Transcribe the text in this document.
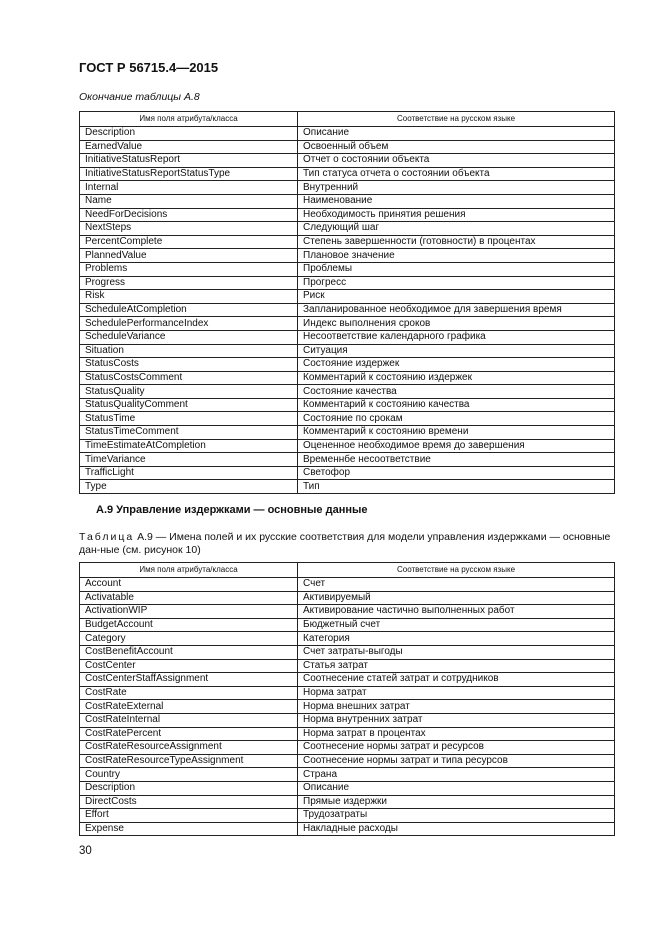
ГОСТ Р 56715.4—2015
Окончание таблицы А.8
Имя поля атрибута/класса	Соответствие на русском языке
Description	Описание
EarnedValue	Освоенный объем
InitiativeStatusReport	Отчет о состоянии объекта
InitiativeStatusReportStatusType	Тип статуса отчета о состоянии объекта
Internal	Внутренний
Name	Наименование
NeedForDecisions	Необходимость принятия решения
NextSteps	Следующий шаг
PercentComplete	Степень завершенности (готовности) в процентах
PlannedValue	Плановое значение
Problems	Проблемы
Progress	Прогресс
Risk	Риск
ScheduleAtCompletion	Запланированное необходимое для завершения время
SchedulePerformanceIndex	Индекс выполнения сроков
ScheduleVariance	Несоответствие календарного графика
Situation	Ситуация
StatusCosts	Состояние издержек
StatusCostsComment	Комментарий к состоянию издержек
StatusQuality	Состояние качества
StatusQualityComment	Комментарий к состоянию качества
StatusTime	Состояние по срокам
StatusTimeComment	Комментарий к состоянию времени
TimeEstimateAtCompletion	Оцененное необходимое время до завершения
TimeVariance	Временнбе несоответствие
TrafficLight	Светофор
Type	Тип
А.9 Управление издержками — основные данные
Таблица А.9 — Имена полей и их русские соответствия для модели управления издержками — основные дан-ные (см. рисунок 10)
Имя поля атрибута/класса	Соответствие на русском языке
Account	Счет
Activatable	Активируемый
ActivationWIP	Активирование частично выполненных работ
BudgetAccount	Бюджетный счет
Category	Категория
CostBenefitAccount	Счет затраты-выгоды
CostCenter	Статья затрат
CostCenterStaffAssignment	Соотнесение статей затрат и сотрудников
CostRate	Норма затрат
CostRateExternal	Норма внешних затрат
CostRateInternal	Норма внутренних затрат
CostRatePercent	Норма затрат в процентах
CostRateResourceAssignment	Соотнесение нормы затрат и ресурсов
CostRateResourceTypeAssignment	Соотнесение нормы затрат и типа ресурсов
Country	Страна
Description	Описание
DirectCosts	Прямые издержки
Effort	Трудозатраты
Expense	Накладные расходы
30
